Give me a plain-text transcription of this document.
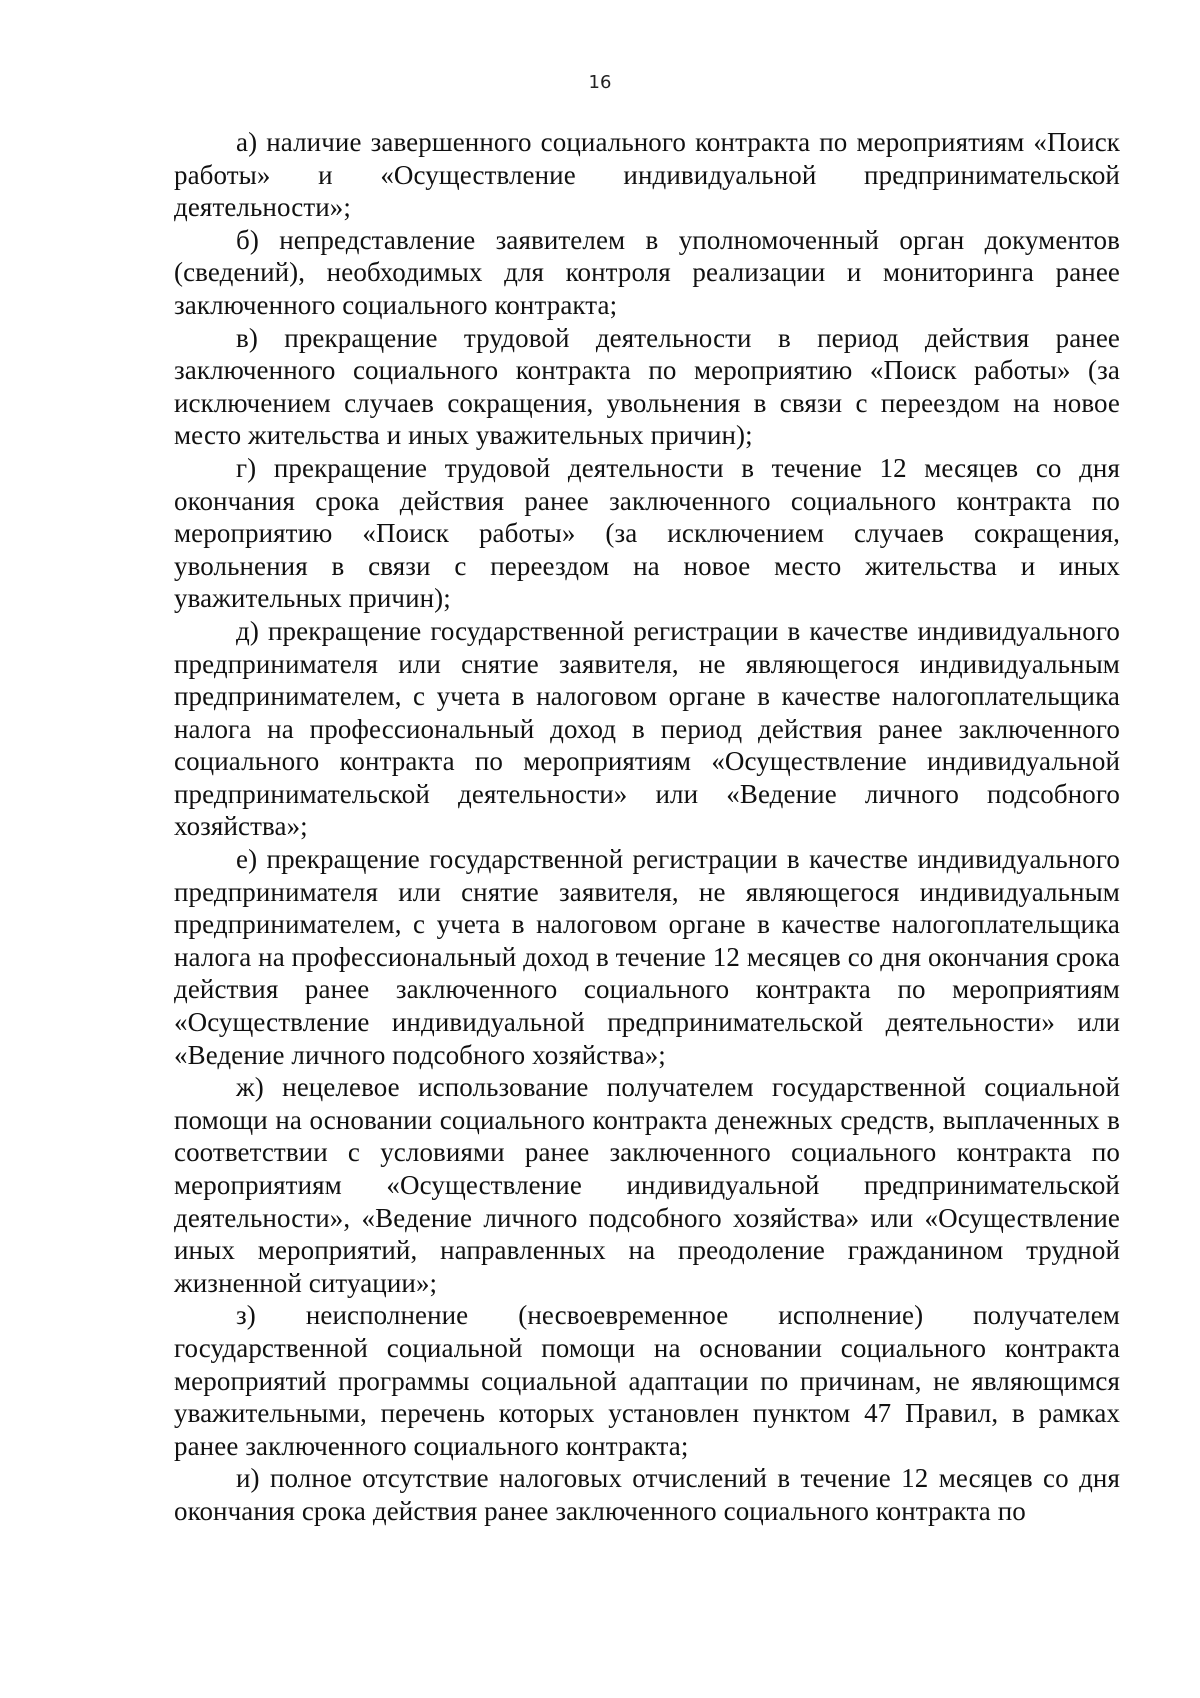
16

а) наличие завершенного социального контракта по мероприятиям «Поиск работы» и «Осуществление индивидуальной предпринимательской деятельности»;

б) непредставление заявителем в уполномоченный орган документов (сведений), необходимых для контроля реализации и мониторинга ранее заключенного социального контракта;

в) прекращение трудовой деятельности в период действия ранее заключенного социального контракта по мероприятию «Поиск работы» (за исключением случаев сокращения, увольнения в связи с переездом на новое место жительства и иных уважительных причин);

г) прекращение трудовой деятельности в течение 12 месяцев со дня окончания срока действия ранее заключенного социального контракта по мероприятию «Поиск работы» (за исключением случаев сокращения, увольнения в связи с переездом на новое место жительства и иных уважительных причин);

д) прекращение государственной регистрации в качестве индивидуального предпринимателя или снятие заявителя, не являющегося индивидуальным предпринимателем, с учета в налоговом органе в качестве налогоплательщика налога на профессиональный доход в период действия ранее заключенного социального контракта по мероприятиям «Осуществление индивидуальной предпринимательской деятельности» или «Ведение личного подсобного хозяйства»;

е) прекращение государственной регистрации в качестве индивидуального предпринимателя или снятие заявителя, не являющегося индивидуальным предпринимателем, с учета в налоговом органе в качестве налогоплательщика налога на профессиональный доход в течение 12 месяцев со дня окончания срока действия ранее заключенного социального контракта по мероприятиям «Осуществление индивидуальной предпринимательской деятельности» или «Ведение личного подсобного хозяйства»;

ж) нецелевое использование получателем государственной социальной помощи на основании социального контракта денежных средств, выплаченных в соответствии с условиями ранее заключенного социального контракта по мероприятиям «Осуществление индивидуальной предпринимательской деятельности», «Ведение личного подсобного хозяйства» или «Осуществление иных мероприятий, направленных на преодоление гражданином трудной жизненной ситуации»;

з) неисполнение (несвоевременное исполнение) получателем государственной социальной помощи на основании социального контракта мероприятий программы социальной адаптации по причинам, не являющимся уважительными, перечень которых установлен пунктом 47 Правил, в рамках ранее заключенного социального контракта;

и) полное отсутствие налоговых отчислений в течение 12 месяцев со дня окончания срока действия ранее заключенного социального контракта по
